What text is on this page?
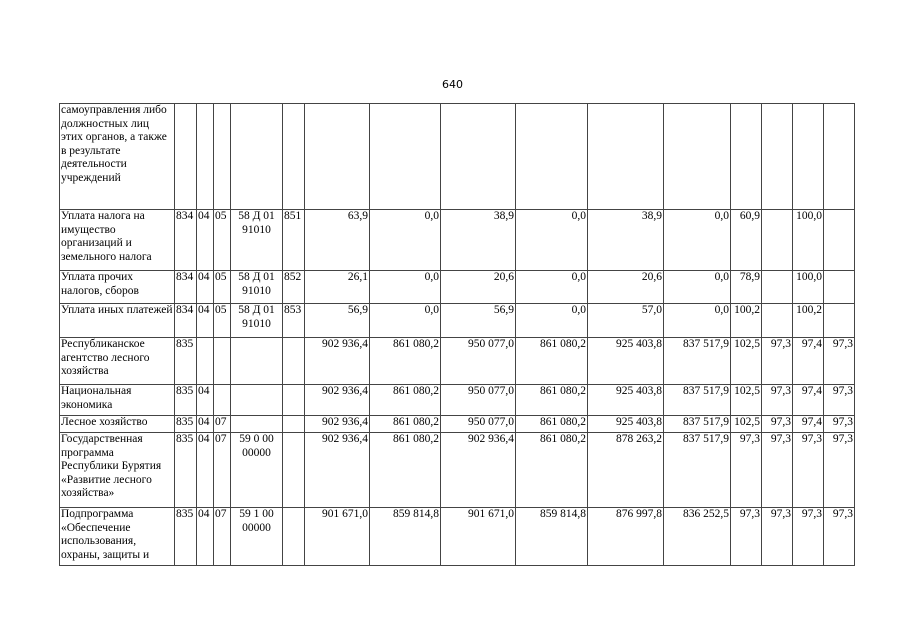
640
самоуправления либо должностных лиц этих органов, а также в результате деятельности учреждений															
Уплата налога на имущество организаций и земельного налога	834	04	05	58 Д 01 91010	851	63,9	0,0	38,9	0,0	38,9	0,0	60,9		100,0	
Уплата прочих налогов, сборов	834	04	05	58 Д 01 91010	852	26,1	0,0	20,6	0,0	20,6	0,0	78,9		100,0	
Уплата иных платежей	834	04	05	58 Д 01 91010	853	56,9	0,0	56,9	0,0	57,0	0,0	100,2		100,2	
Республиканское агентство лесного хозяйства	835					902 936,4	861 080,2	950 077,0	861 080,2	925 403,8	837 517,9	102,5	97,3	97,4	97,3
Национальная экономика	835	04				902 936,4	861 080,2	950 077,0	861 080,2	925 403,8	837 517,9	102,5	97,3	97,4	97,3
Лесное хозяйство	835	04	07			902 936,4	861 080,2	950 077,0	861 080,2	925 403,8	837 517,9	102,5	97,3	97,4	97,3
Государственная программа Республики Бурятия «Развитие лесного хозяйства»	835	04	07	59 0 00 00000		902 936,4	861 080,2	902 936,4	861 080,2	878 263,2	837 517,9	97,3	97,3	97,3	97,3
Подпрограмма «Обеспечение использования, охраны, защиты и	835	04	07	59 1 00 00000		901 671,0	859 814,8	901 671,0	859 814,8	876 997,8	836 252,5	97,3	97,3	97,3	97,3
